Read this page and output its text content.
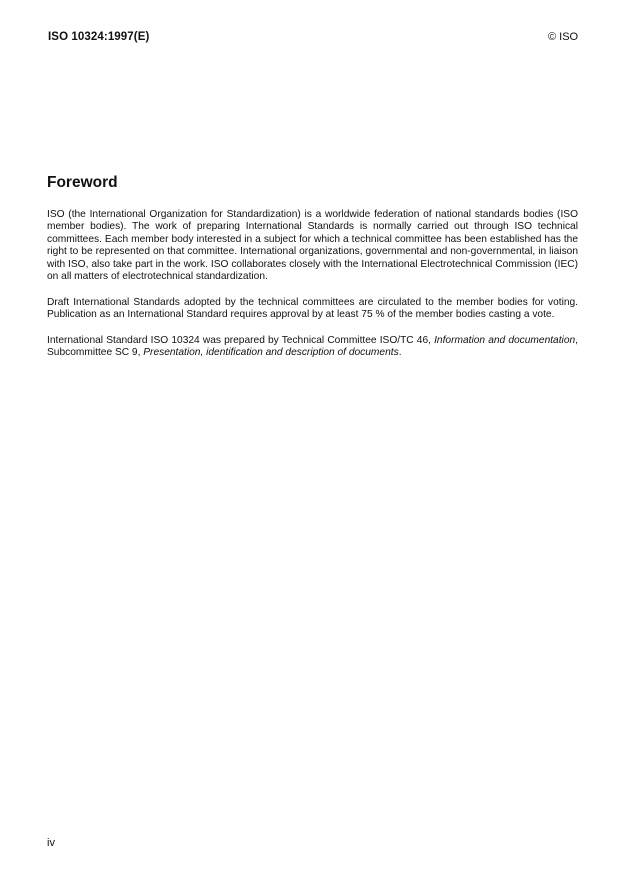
ISO 10324:1997(E)	© ISO
Foreword

ISO (the International Organization for Standardization) is a worldwide federation of national standards bodies (ISO member bodies). The work of preparing International Standards is normally carried out through ISO technical committees. Each member body interested in a subject for which a technical committee has been established has the right to be represented on that committee. International organizations, governmental and non-governmental, in liaison with ISO, also take part in the work. ISO collaborates closely with the International Electrotechnical Commission (IEC) on all matters of electrotechnical standardization.

Draft International Standards adopted by the technical committees are circulated to the member bodies for voting. Publication as an International Standard requires approval by at least 75 % of the member bodies casting a vote.

International Standard ISO 10324 was prepared by Technical Committee ISO/TC 46, Information and documentation, Subcommittee SC 9, Presentation, identification and description of documents.

iv
